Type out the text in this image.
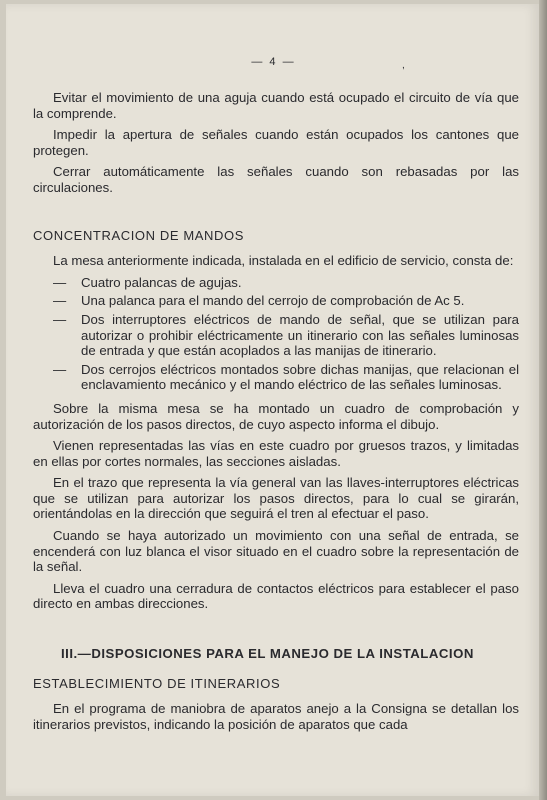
— 4 —	,

Evitar el movimiento de una aguja cuando está ocupado el circuito de vía que la comprende.

Impedir la apertura de señales cuando están ocupados los cantones que protegen.

Cerrar automáticamente las señales cuando son rebasadas por las circulaciones.

CONCENTRACION DE MANDOS

La mesa anteriormente indicada, instalada en el edificio de servicio, consta de:

—	Cuatro palancas de agujas.
—	Una palanca para el mando del cerrojo de comprobación de Ac 5.
—	Dos interruptores eléctricos de mando de señal, que se utilizan para autorizar o prohibir eléctricamente un itinerario con las señales luminosas de entrada y que están acoplados a las manijas de itinerario.
—	Dos cerrojos eléctricos montados sobre dichas manijas, que relacionan el enclavamiento mecánico y el mando eléctrico de las señales luminosas.

Sobre la misma mesa se ha montado un cuadro de comprobación y autorización de los pasos directos, de cuyo aspecto informa el dibujo.

Vienen representadas las vías en este cuadro por gruesos trazos, y limitadas en ellas por cortes normales, las secciones aisladas.

En el trazo que representa la vía general van las llaves-interruptores eléctricas que se utilizan para autorizar los pasos directos, para lo cual se girarán, orientándolas en la dirección que seguirá el tren al efectuar el paso.

Cuando se haya autorizado un movimiento con una señal de entrada, se encenderá con luz blanca el visor situado en el cuadro sobre la representación de la señal.

Lleva el cuadro una cerradura de contactos eléctricos para establecer el paso directo en ambas direcciones.

III.—DISPOSICIONES PARA EL MANEJO DE LA INSTALACION

ESTABLECIMIENTO DE ITINERARIOS

En el programa de maniobra de aparatos anejo a la Consigna se detallan los itinerarios previstos, indicando la posición de aparatos que cada
